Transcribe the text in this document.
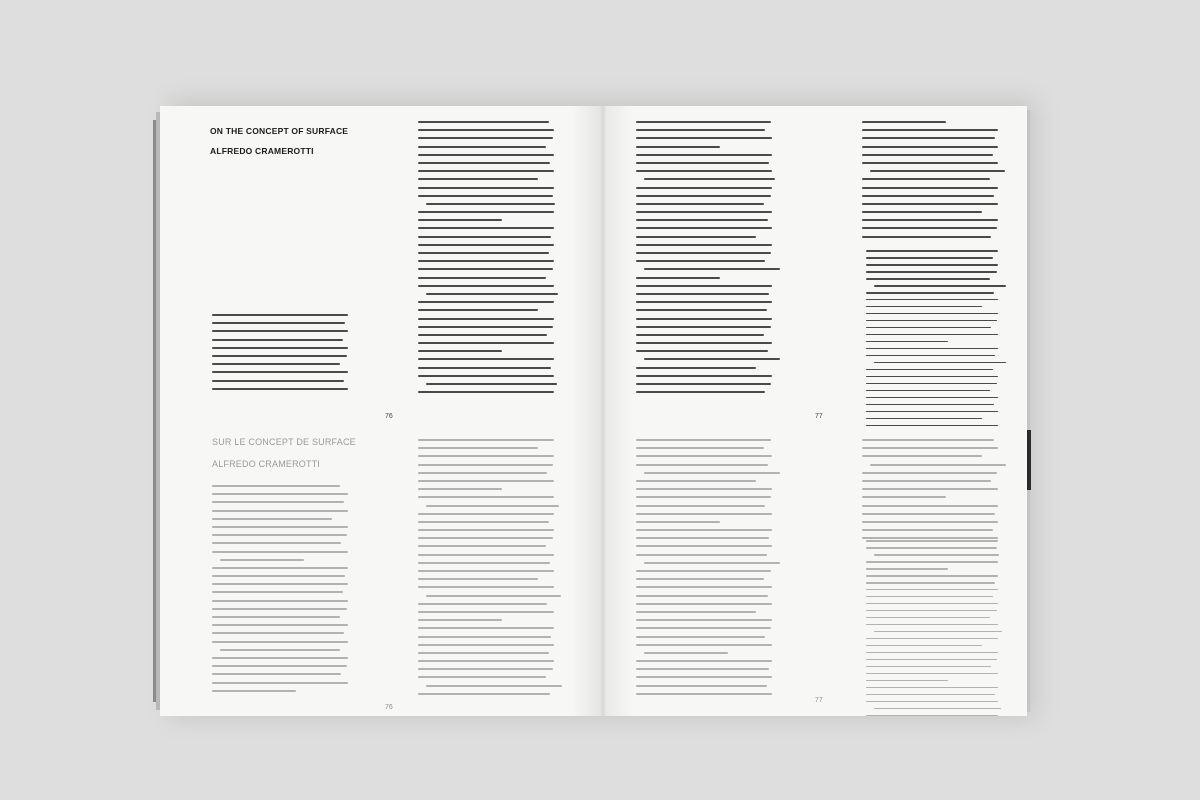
ON THE CONCEPT OF SURFACE
ALFREDO CRAMEROTTI
76
SUR LE CONCEPT DE SURFACE
ALFREDO CRAMEROTTI
76
77
77
